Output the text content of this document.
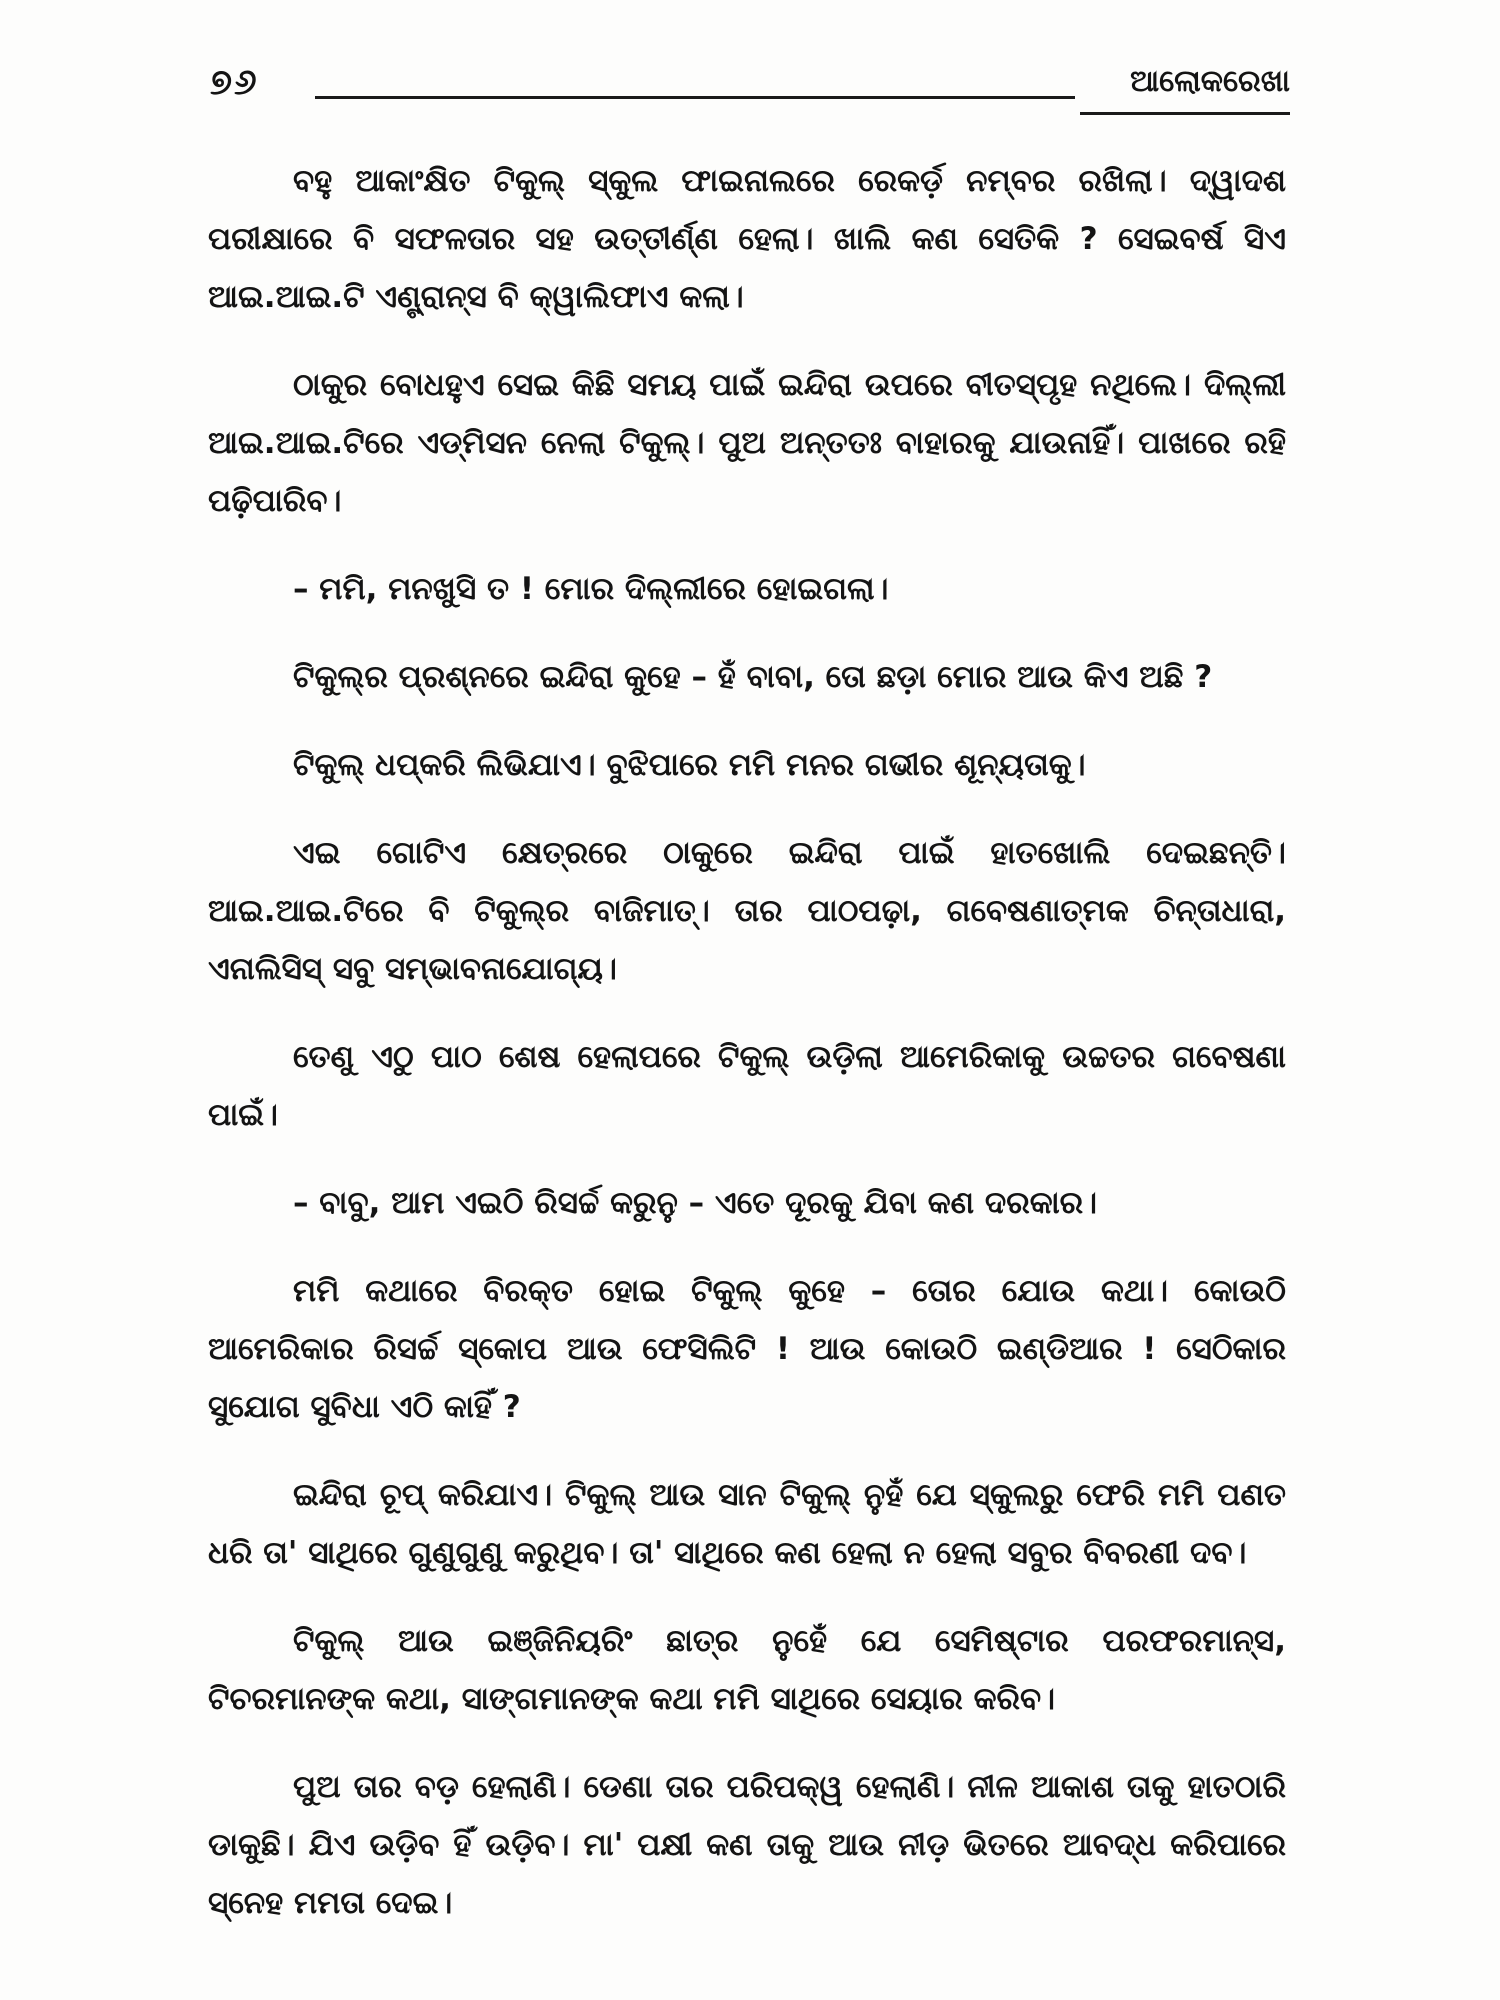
୭୬	ଆଲୋକରେଖା

ବହୁ ଆକାଂକ୍ଷିତ ଟିକୁଲ୍ ସ୍କୁଲ ଫାଇନାଲରେ ରେକର୍ଡ଼ ନମ୍ବର ରଖିଲା। ଦ୍ୱାଦଶ ପରୀକ୍ଷାରେ ବି ସଫଳତାର ସହ ଉତ୍ତୀର୍ଣ୍ଣ ହେଲା। ଖାଲି କଣ ସେତିକି ? ସେଇବର୍ଷ ସିଏ ଆଇ.ଆଇ.ଟି ଏଣ୍ଟ୍ରାନ୍ସ ବି କ୍ୱାଲିଫାଏ କଲା।

ଠାକୁର ବୋଧହୁଏ ସେଇ କିଛି ସମୟ ପାଇଁ ଇନ୍ଦିରା ଉପରେ ବୀତସ୍ପୃହ ନଥିଲେ। ଦିଲ୍ଲୀ ଆଇ.ଆଇ.ଟିରେ ଏଡ୍‌ମିସନ ନେଲା ଟିକୁଲ୍। ପୁଅ ଅନ୍ତତଃ ବାହାରକୁ ଯାଉନାହିଁ। ପାଖରେ ରହି ପଢ଼ିପାରିବ।

– ମମି, ମନଖୁସି ତ ! ମୋର ଦିଲ୍ଲୀରେ ହୋଇଗଲା।

ଟିକୁଲ୍‌ର ପ୍ରଶ୍ନରେ ଇନ୍ଦିରା କୁହେ – ହଁ ବାବା, ତୋ ଛଡ଼ା ମୋର ଆଉ କିଏ ଅଛି ?

ଟିକୁଲ୍ ଧପ୍‌କରି ଲିଭିଯାଏ। ବୁଝିପାରେ ମମି ମନର ଗଭୀର ଶୂନ୍ୟତାକୁ।

ଏଇ ଗୋଟିଏ କ୍ଷେତ୍ରରେ ଠାକୁରେ ଇନ୍ଦିରା ପାଇଁ ହାତଖୋଲି ଦେଇଛନ୍ତି। ଆଇ.ଆଇ.ଟିରେ ବି ଟିକୁଲ୍‌ର ବାଜିମାତ୍। ତାର ପାଠପଢ଼ା, ଗବେଷଣାତ୍ମକ ଚିନ୍ତାଧାରା, ଏନାଲିସିସ୍ ସବୁ ସମ୍ଭାବନାଯୋଗ୍ୟ।

ତେଣୁ ଏଠୁ ପାଠ ଶେଷ ହେଲାପରେ ଟିକୁଲ୍ ଉଡ଼ିଲା ଆମେରିକାକୁ ଉଚ୍ଚତର ଗବେଷଣା ପାଇଁ।

– ବାବୁ, ଆମ ଏଇଠି ରିସର୍ଚ୍ଚ କରୁନୁ – ଏତେ ଦୂରକୁ ଯିବା କଣ ଦରକାର।

ମମି କଥାରେ ବିରକ୍ତ ହୋଇ ଟିକୁଲ୍ କୁହେ – ତୋର ଯୋଉ କଥା। କୋଉଠି ଆମେରିକାର ରିସର୍ଚ୍ଚ ସ୍କୋପ ଆଉ ଫେସିଲିଟି ! ଆଉ କୋଉଠି ଇଣ୍ଡିଆର ! ସେଠିକାର ସୁଯୋଗ ସୁବିଧା ଏଠି କାହିଁ ?

ଇନ୍ଦିରା ଚୂପ୍ କରିଯାଏ। ଟିକୁଲ୍ ଆଉ ସାନ ଟିକୁଲ୍ ନୁହଁ ଯେ ସ୍କୁଲରୁ ଫେରି ମମି ପଣତ ଧରି ତା' ସାଥିରେ ଗୁଣୁଗୁଣୁ କରୁଥିବ। ତା' ସାଥିରେ କଣ ହେଲା ନ ହେଲା ସବୁର ବିବରଣୀ ଦବ।

ଟିକୁଲ୍ ଆଉ ଇଞ୍ଜିନିୟରିଂ ଛାତ୍ର ନୁହେଁ ଯେ ସେମିଷ୍ଟାର ପରଫରମାନ୍ସ, ଟିଚରମାନଙ୍କ କଥା, ସାଙ୍ଗମାନଙ୍କ କଥା ମମି ସାଥିରେ ସେୟାର କରିବ।

ପୁଅ ତାର ବଡ଼ ହେଲାଣି। ଡେଣା ତାର ପରିପକ୍ୱ ହେଲାଣି। ନୀଳ ଆକାଶ ତାକୁ ହାତଠାରି ଡାକୁଛି। ଯିଏ ଉଡ଼ିବ ହିଁ ଉଡ଼ିବ। ମା' ପକ୍ଷୀ କଣ ତାକୁ ଆଉ ନୀଡ଼ ଭିତରେ ଆବଦ୍ଧ କରିପାରେ ସ୍ନେହ ମମତା ଦେଇ।
